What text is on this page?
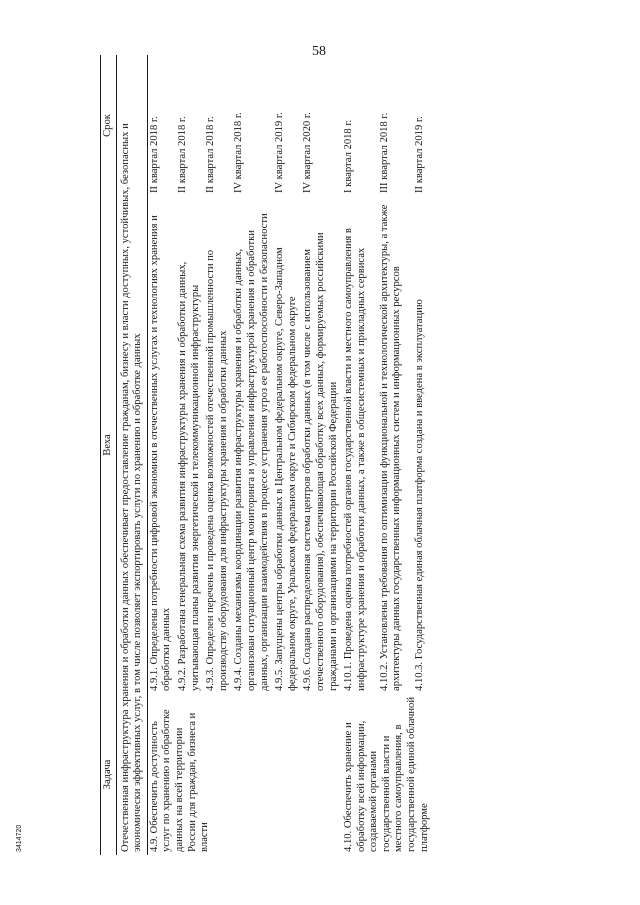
58
Задача	Веха	Срок
Отечественная инфраструктура хранения и обработки данных обеспечивает предоставление гражданам, бизнесу и власти доступных, устойчивых, безопасных и экономически эффективных услуг, в том числе позволяет экспортировать услуги по хранению и обработке данных		
4.9. Обеспечить доступность услуг по хранению и обработке данных на всей территории России для граждан, бизнеса и власти	4.9.1. Определены потребности цифровой экономики в отечественных услугах и технологиях хранения и обработки данных	II квартал 2018 г.
	4.9.2. Разработана генеральная схема развития инфраструктуры хранения и обработки данных, учитывающая планы развития энергетической и телекоммуникационной инфраструктуры	II квартал 2018 г.
	4.9.3. Определен перечень и проведена оценка возможностей отечественной промышленности по производству оборудования для инфраструктуры хранения и обработки данных	II квартал 2018 г.
	4.9.4. Созданы механизмы координации развития инфраструктуры хранения и обработки данных, организован ситуационный центр мониторинга и управления инфраструктурой хранения и обработки данных, организации взаимодействия в процессе устранения угроз ее работоспособности и безопасности	IV квартал 2018 г.
	4.9.5. Запущены центры обработки данных в Центральном федеральном округе, Северо-Западном федеральном округе, Уральском федеральном округе и Сибирском федеральном округе	IV квартал 2019 г.
	4.9.6. Создана распределенная система центров обработки данных (в том числе с использованием отечественного оборудования), обеспечивающая обработку всех данных, формируемых российскими гражданами и организациями на территории Российской Федерации	IV квартал 2020 г.
4.10. Обеспечить хранение и обработку всей информации, создаваемой органами государственной власти и местного самоуправления, в государственной единой облачной платформе	4.10.1. Проведена оценка потребностей органов государственной власти и местного самоуправления в инфраструктуре хранения и обработки данных, а также в общесистемных и прикладных сервисах	I квартал 2018 г.
	4.10.2. Установлены требования по оптимизации функциональной и технологической архитектуры, а также архитектуры данных государственных информационных систем и информационных ресурсов	III квартал 2018 г.
	4.10.3. Государственная единая облачная платформа создана и введена в эксплуатацию	II квартал 2019 г.
3414720
